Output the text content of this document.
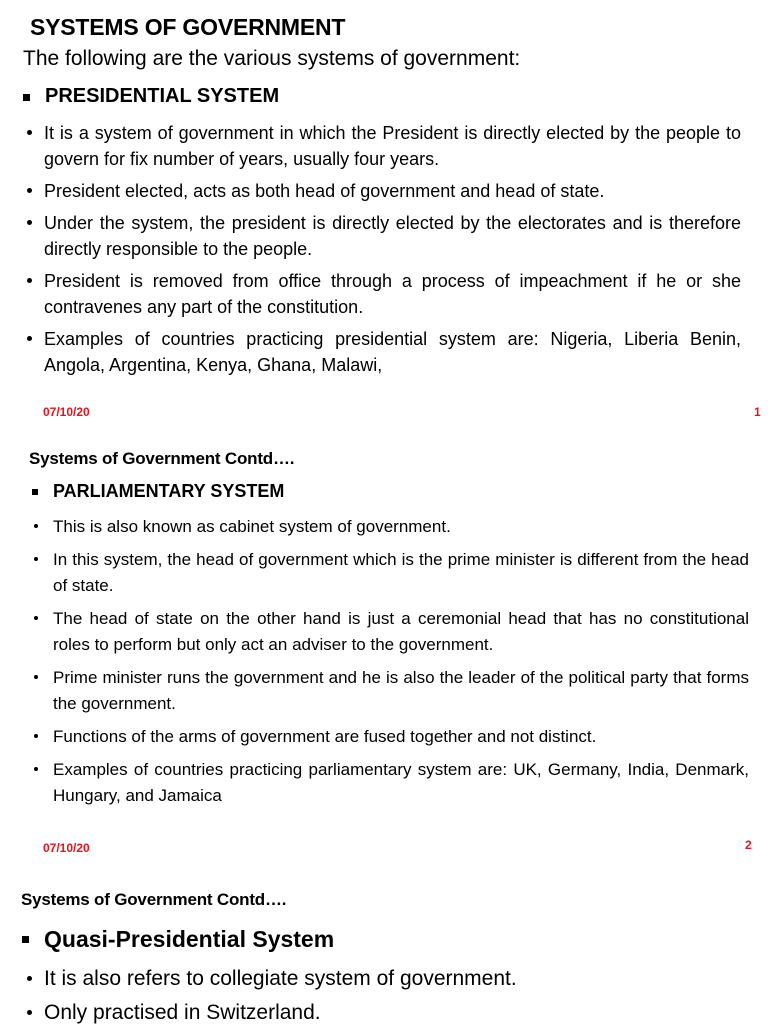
SYSTEMS OF GOVERNMENT
The following are the various systems of government:
PRESIDENTIAL SYSTEM
It is a system of government in which the President is directly elected by the people to govern for fix number of years, usually four years.
President elected, acts as both head of government and head of state.
Under the system, the president is directly elected by the electorates and is therefore directly responsible to the people.
President is removed from office through a process of impeachment if he or she contravenes any part of the constitution.
Examples of countries practicing presidential system are: Nigeria, Liberia Benin, Angola, Argentina, Kenya, Ghana, Malawi,
07/10/20	1
Systems of Government Contd….
PARLIAMENTARY SYSTEM
This is also known as cabinet system of government.
In this system, the head of government which is the prime minister is different from the head of state.
The head of state on the other hand is just a ceremonial head that has no constitutional roles to perform but only act an adviser to the government.
Prime minister runs the government and he is also the leader of the political party that forms the government.
Functions of the arms of government are fused together and not distinct.
Examples of countries practicing parliamentary system are: UK, Germany, India, Denmark, Hungary, and Jamaica
07/10/20	2
Systems of Government Contd….
Quasi-Presidential System
It is also refers to collegiate system of government.
Only practised in Switzerland.
